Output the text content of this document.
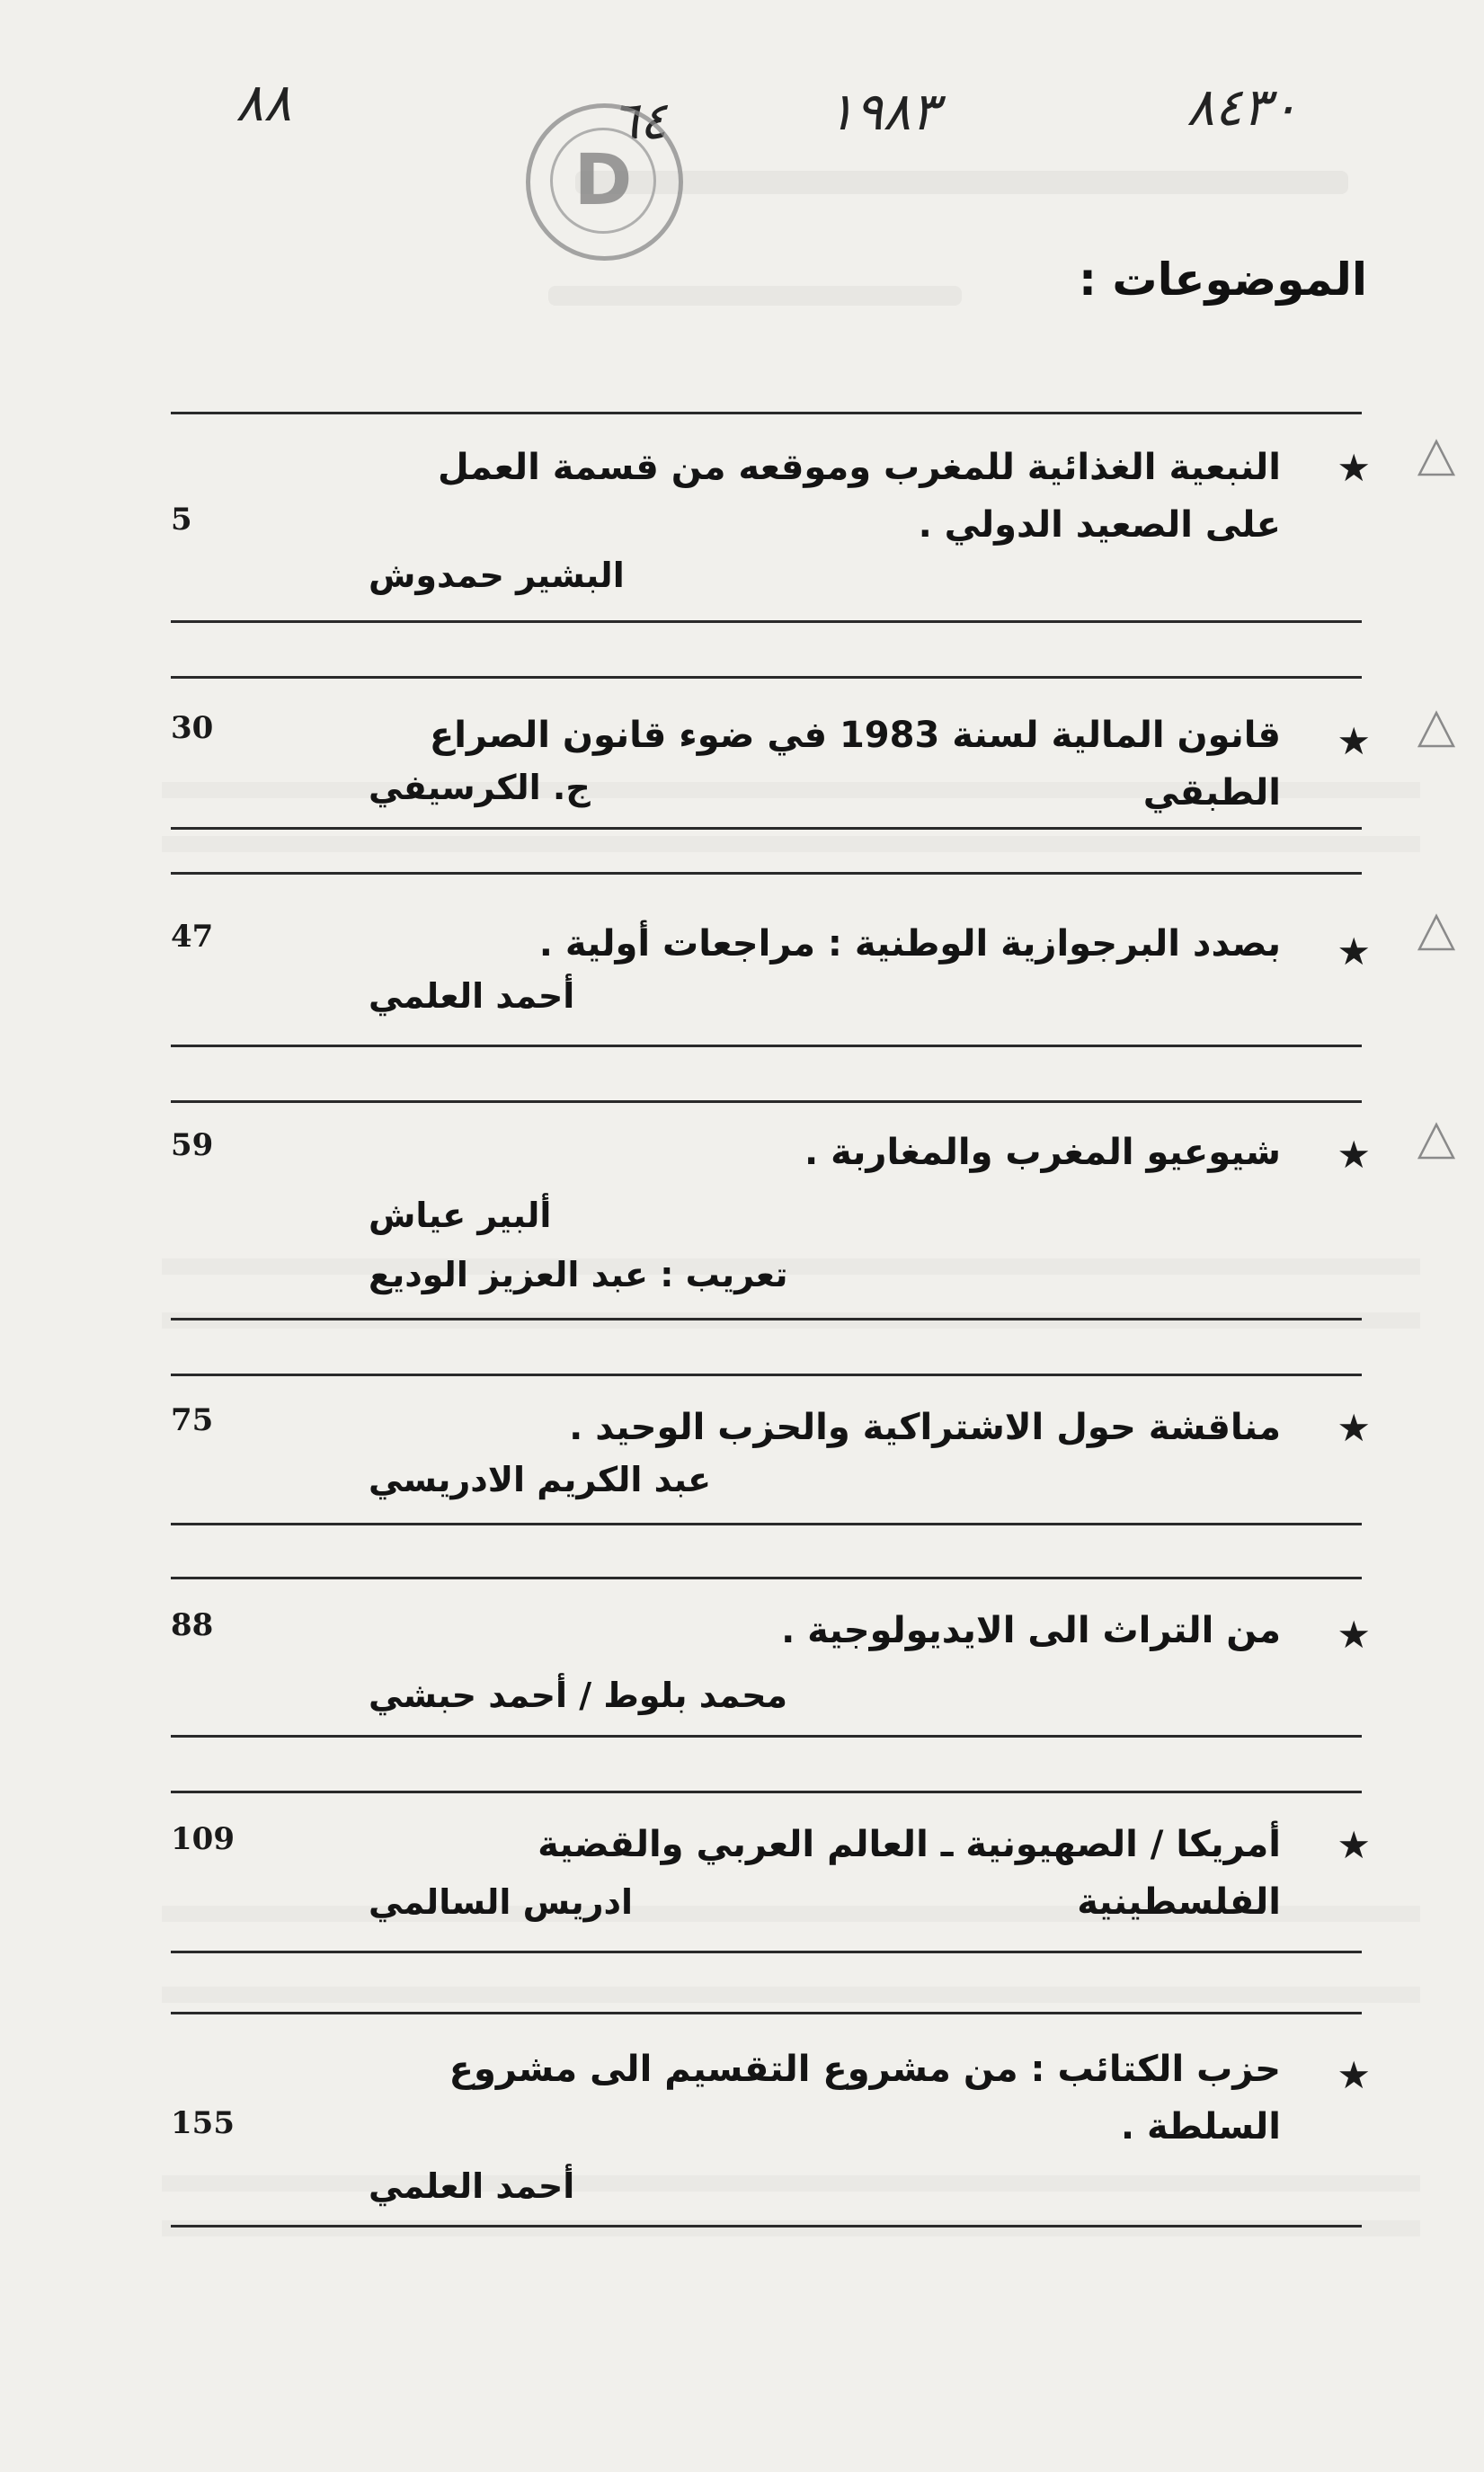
٨٨	٦٤	١٩٨٣	٨٤٣٠
D
الموضوعات :
★
النبعية الغذائية للمغرب وموقعه من قسمة العمل على الصعيد الدولي .
البشير حمدوش
5
★
قانون المالية لسنة 1983 في ضوء قانون الصراع الطبقي
ج. الكرسيفي
30
★
بصدد البرجوازية الوطنية : مراجعات أولية .
أحمد العلمي
47
★
شيوعيو المغرب والمغاربة .
ألبير عياش
تعريب : عبد العزيز الوديع
59
★
مناقشة حول الاشتراكية والحزب الوحيد .
عبد الكريم الادريسي
75
★
من التراث الى الايديولوجية .
محمد بلوط / أحمد حبشي
88
★
أمريكا / الصهيونية ـ العالم العربي والقضية الفلسطينية
ادريس السالمي
109
★
حزب الكتائب : من مشروع التقسيم الى مشروع السلطة .
أحمد العلمي
155
